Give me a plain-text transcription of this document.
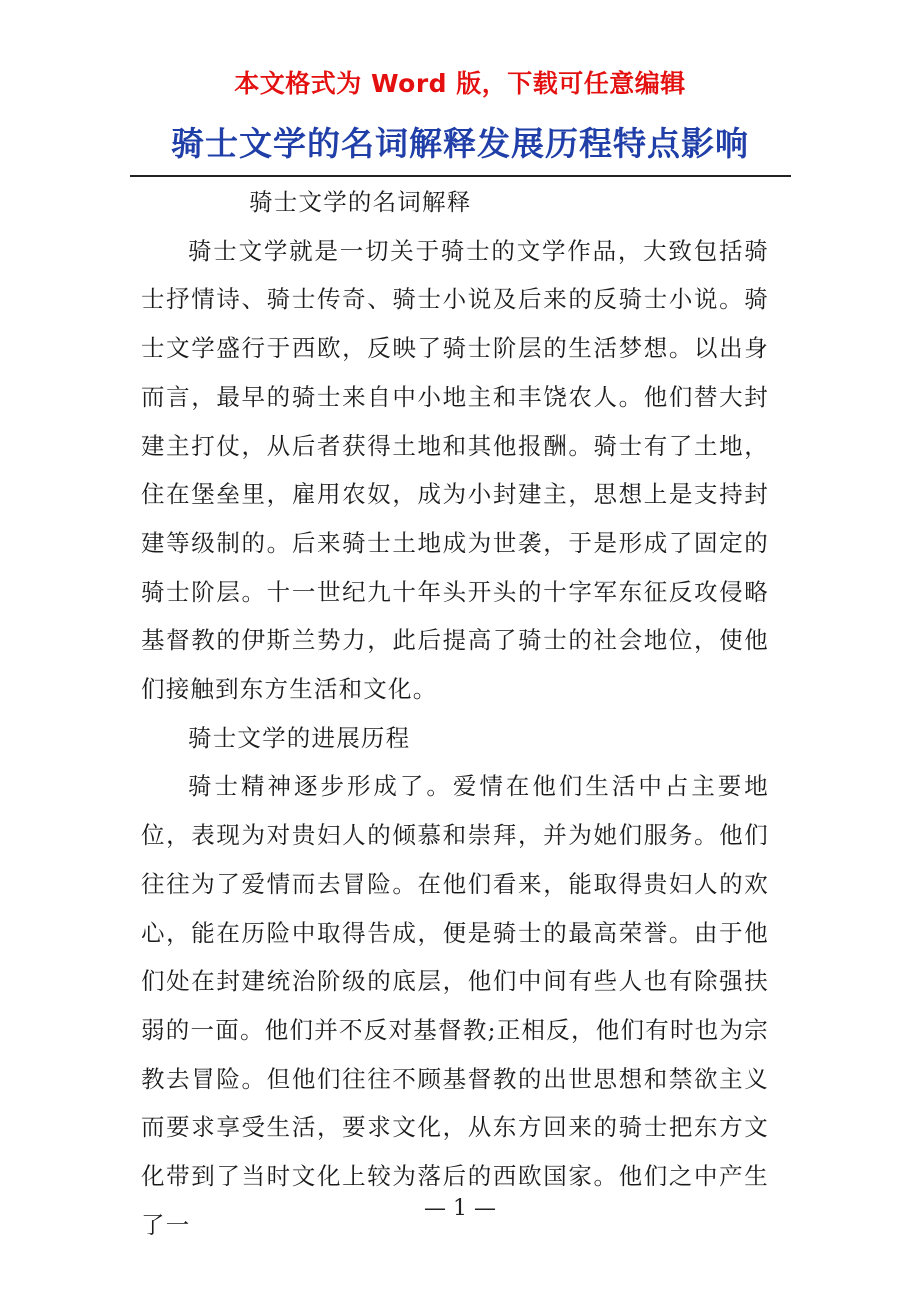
本文格式为 Word 版，下载可任意编辑
骑士文学的名词解释发展历程特点影响

骑士文学的名词解释

骑士文学就是一切关于骑士的文学作品，大致包括骑士抒情诗、骑士传奇、骑士小说及后来的反骑士小说。骑士文学盛行于西欧，反映了骑士阶层的生活梦想。以出身而言，最早的骑士来自中小地主和丰饶农人。他们替大封建主打仗，从后者获得土地和其他报酬。骑士有了土地，住在堡垒里，雇用农奴，成为小封建主，思想上是支持封建等级制的。后来骑士土地成为世袭，于是形成了固定的骑士阶层。十一世纪九十年头开头的十字军东征反攻侵略基督教的伊斯兰势力，此后提高了骑士的社会地位，使他们接触到东方生活和文化。

骑士文学的进展历程

骑士精神逐步形成了。爱情在他们生活中占主要地位，表现为对贵妇人的倾慕和崇拜，并为她们服务。他们往往为了爱情而去冒险。在他们看来，能取得贵妇人的欢心，能在历险中取得告成，便是骑士的最高荣誉。由于他们处在封建统治阶级的底层，他们中间有些人也有除强扶弱的一面。他们并不反对基督教;正相反，他们有时也为宗教去冒险。但他们往往不顾基督教的出世思想和禁欲主义而要求享受生活，要求文化，从东方回来的骑士把东方文化带到了当时文化上较为落后的西欧国家。他们之中产生了一

— 1 —
